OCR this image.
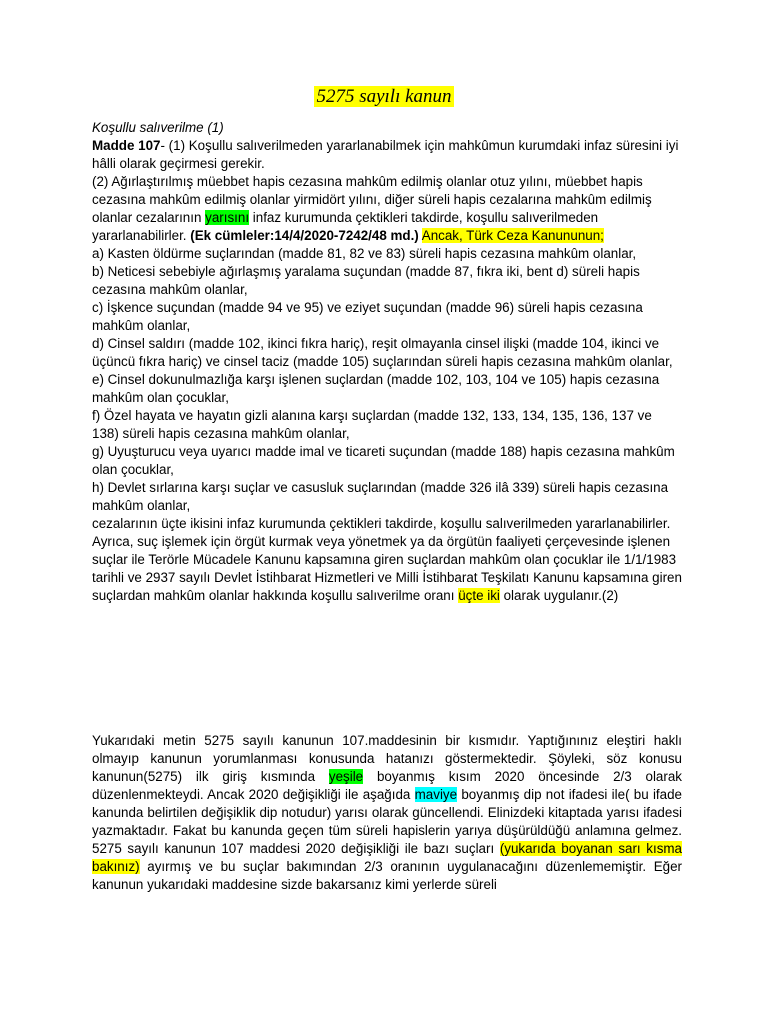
5275 sayılı kanun

Koşullu salıverilme (1)

Madde 107- (1) Koşullu salıverilmeden yararlanabilmek için mahkûmun kurumdaki infaz süresini iyi hâlli olarak geçirmesi gerekir.

(2) Ağırlaştırılmış müebbet hapis cezasına mahkûm edilmiş olanlar otuz yılını, müebbet hapis cezasına mahkûm edilmiş olanlar yirmidört yılını, diğer süreli hapis cezalarına mahkûm edilmiş olanlar cezalarının yarısını infaz kurumunda çektikleri takdirde, koşullu salıverilmeden yararlanabilirler. (Ek cümleler:14/4/2020-7242/48 md.) Ancak, Türk Ceza Kanununun;

a) Kasten öldürme suçlarından (madde 81, 82 ve 83) süreli hapis cezasına mahkûm olanlar,

b) Neticesi sebebiyle ağırlaşmış yaralama suçundan (madde 87, fıkra iki, bent d) süreli hapis cezasına mahkûm olanlar,

c) İşkence suçundan (madde 94 ve 95) ve eziyet suçundan (madde 96) süreli hapis cezasına mahkûm olanlar,

d) Cinsel saldırı (madde 102, ikinci fıkra hariç), reşit olmayanla cinsel ilişki (madde 104, ikinci ve üçüncü fıkra hariç) ve cinsel taciz (madde 105) suçlarından süreli hapis cezasına mahkûm olanlar,

e) Cinsel dokunulmazlığa karşı işlenen suçlardan (madde 102, 103, 104 ve 105) hapis cezasına mahkûm olan çocuklar,

f) Özel hayata ve hayatın gizli alanına karşı suçlardan (madde 132, 133, 134, 135, 136, 137 ve 138) süreli hapis cezasına mahkûm olanlar,

g) Uyuşturucu veya uyarıcı madde imal ve ticareti suçundan (madde 188) hapis cezasına mahkûm olan çocuklar,

h) Devlet sırlarına karşı suçlar ve casusluk suçlarından (madde 326 ilâ 339) süreli hapis cezasına mahkûm olanlar,

cezalarının üçte ikisini infaz kurumunda çektikleri takdirde, koşullu salıverilmeden yararlanabilirler. Ayrıca, suç işlemek için örgüt kurmak veya yönetmek ya da örgütün faaliyeti çerçevesinde işlenen suçlar ile Terörle Mücadele Kanunu kapsamına giren suçlardan mahkûm olan çocuklar ile 1/1/1983 tarihli ve 2937 sayılı Devlet İstihbarat Hizmetleri ve Milli İstihbarat Teşkilatı Kanunu kapsamına giren suçlardan mahkûm olanlar hakkında koşullu salıverilme oranı üçte iki olarak uygulanır.(2)

Yukarıdaki metin 5275 sayılı kanunun 107.maddesinin bir kısmıdır. Yaptığınınız eleştiri haklı olmayıp kanunun yorumlanması konusunda hatanızı göstermektedir. Şöyleki, söz konusu kanunun(5275) ilk giriş kısmında yeşile boyanmış kısım 2020 öncesinde 2/3 olarak düzenlenmekteydi. Ancak 2020 değişikliği ile aşağıda maviye boyanmış dip not ifadesi ile( bu ifade kanunda belirtilen değişiklik dip notudur) yarısı olarak güncellendi. Elinizdeki kitaptada yarısı ifadesi yazmaktadır. Fakat bu kanunda geçen tüm süreli hapislerin yarıya düşürüldüğü anlamına gelmez. 5275 sayılı kanunun 107 maddesi 2020 değişikliği ile bazı suçları (yukarıda boyanan sarı kısma bakınız) ayırmış ve bu suçlar bakımından 2/3 oranının uygulanacağını düzenlememiştir. Eğer kanunun yukarıdaki maddesine sizde bakarsanız kimi yerlerde süreli
